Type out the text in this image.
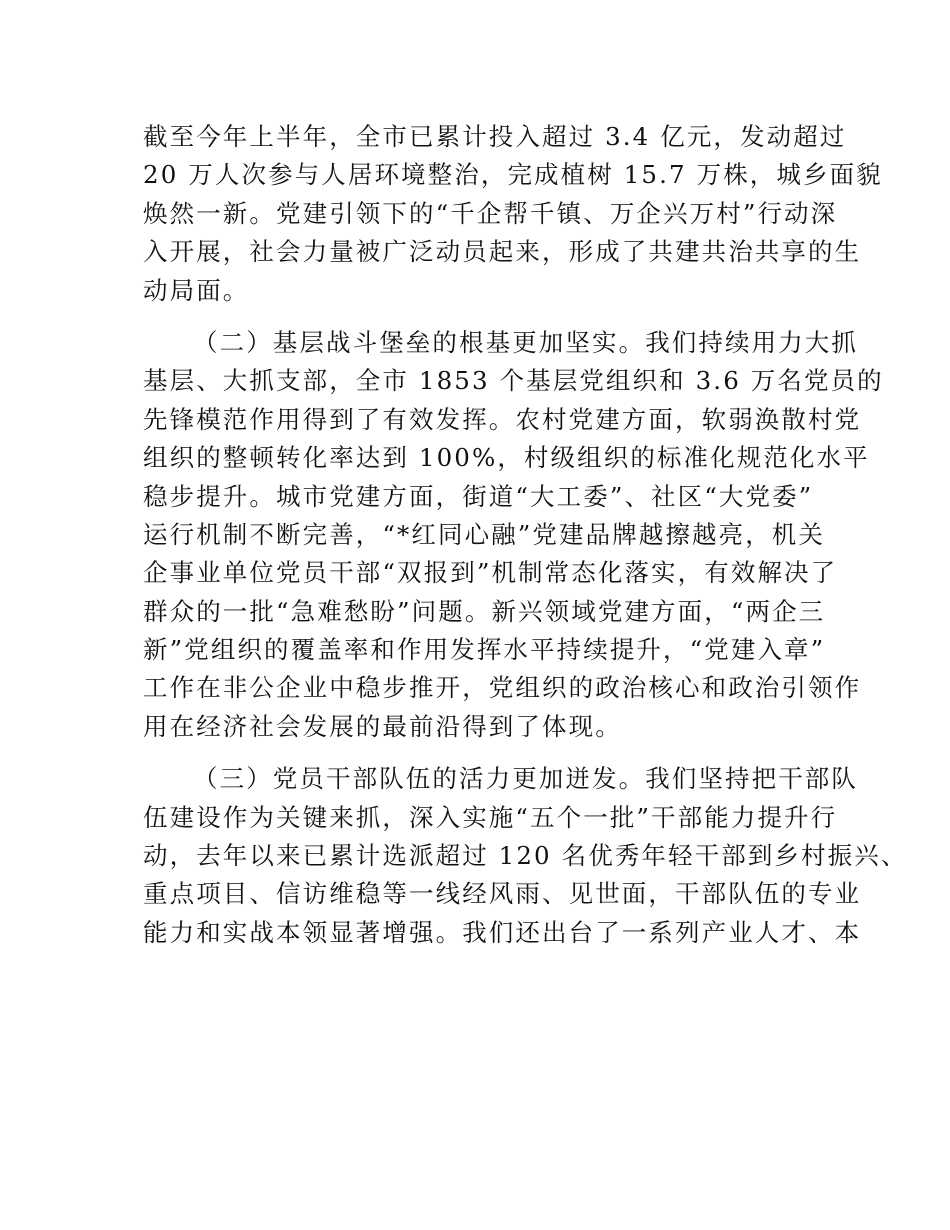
截至今年上半年，全市已累计投入超过 3.4 亿元，发动超过
20 万人次参与人居环境整治，完成植树 15.7 万株，城乡面貌
焕然一新。党建引领下的“千企帮千镇、万企兴万村”行动深
入开展，社会力量被广泛动员起来，形成了共建共治共享的生
动局面。
（二）基层战斗堡垒的根基更加坚实。我们持续用力大抓
基层、大抓支部，全市 1853 个基层党组织和 3.6 万名党员的
先锋模范作用得到了有效发挥。农村党建方面，软弱涣散村党
组织的整顿转化率达到 100%，村级组织的标准化规范化水平
稳步提升。城市党建方面，街道“大工委”、社区“大党委”
运行机制不断完善，“*红同心融”党建品牌越擦越亮，机关
企事业单位党员干部“双报到”机制常态化落实，有效解决了
群众的一批“急难愁盼”问题。新兴领域党建方面，“两企三
新”党组织的覆盖率和作用发挥水平持续提升，“党建入章”
工作在非公企业中稳步推开，党组织的政治核心和政治引领作
用在经济社会发展的最前沿得到了体现。
（三）党员干部队伍的活力更加迸发。我们坚持把干部队
伍建设作为关键来抓，深入实施“五个一批”干部能力提升行
动，去年以来已累计选派超过 120 名优秀年轻干部到乡村振兴、
重点项目、信访维稳等一线经风雨、见世面，干部队伍的专业
能力和实战本领显著增强。我们还出台了一系列产业人才、本
